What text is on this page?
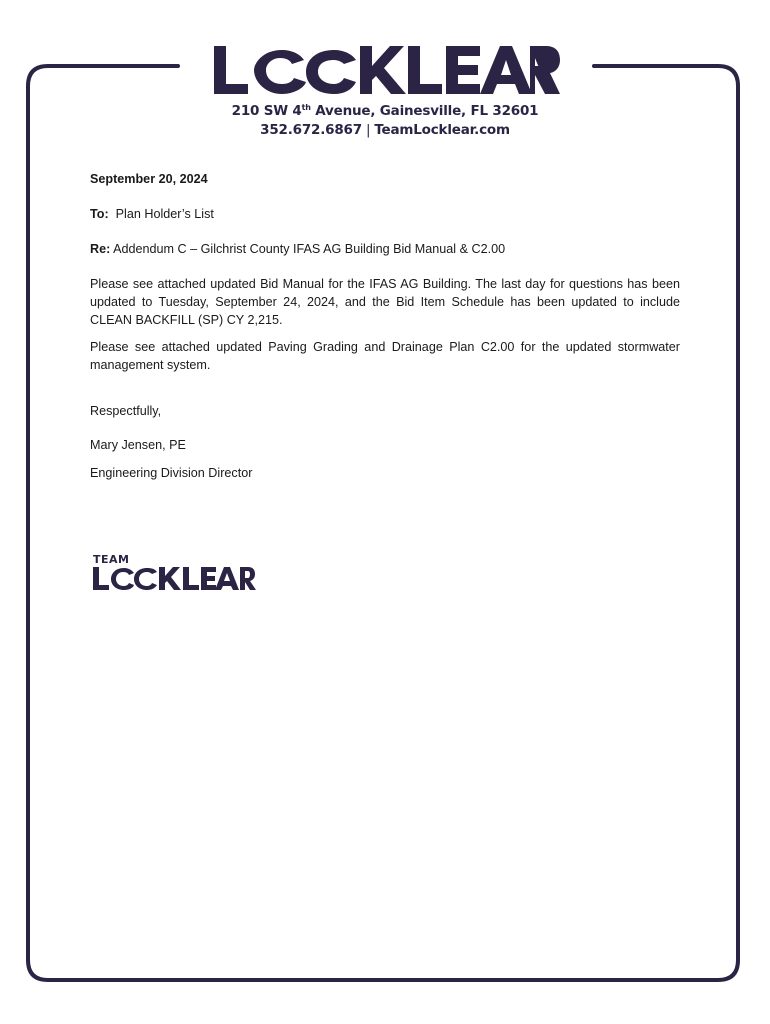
210 SW 4th Avenue, Gainesville, FL 32601
352.672.6867 | TeamLocklear.com

September 20, 2024

To: Plan Holder’s List

Re: Addendum C – Gilchrist County IFAS AG Building Bid Manual & C2.00

Please see attached updated Bid Manual for the IFAS AG Building. The last day for questions has been updated to Tuesday, September 24, 2024, and the Bid Item Schedule has been updated to include CLEAN BACKFILL (SP) CY 2,215.

Please see attached updated Paving Grading and Drainage Plan C2.00 for the updated stormwater management system.

Respectfully,

Mary Jensen, PE

Engineering Division Director

TEAM
